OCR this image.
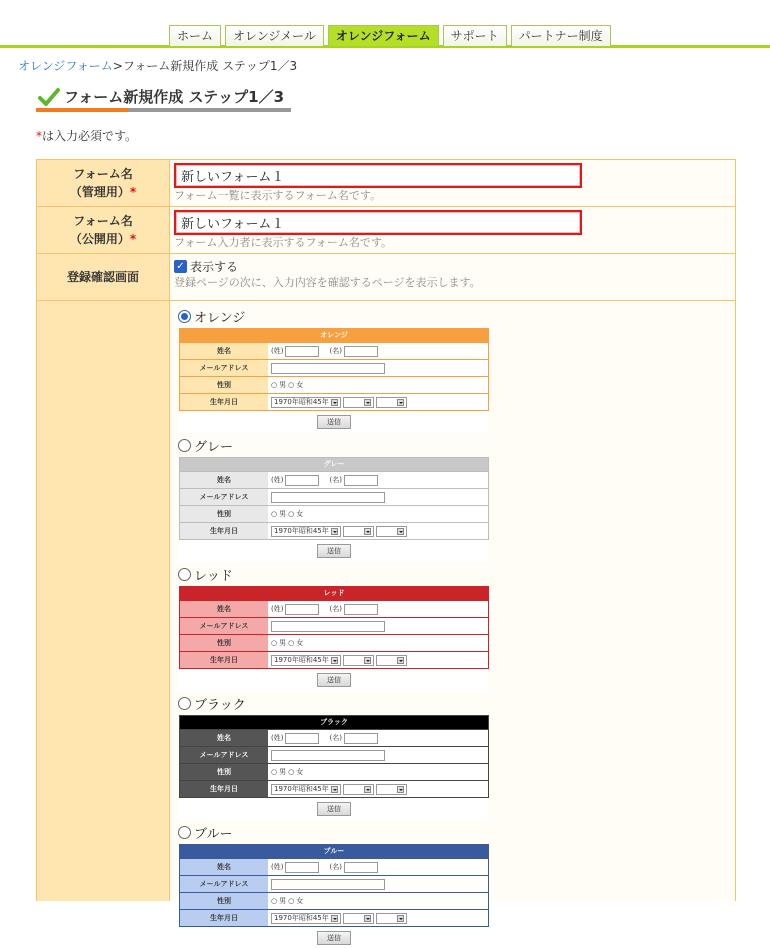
ホーム	オレンジメール	オレンジフォーム	サポート	パートナー制度
オレンジフォーム>フォーム新規作成 ステップ1／3
フォーム新規作成 ステップ1／3
*は入力必須です。
フォーム名
（管理用）*
新しいフォーム１	フォーム一覧に表示するフォーム名です。
フォーム名
（公開用）*
新しいフォーム１	フォーム入力者に表示するフォーム名です。
登録確認画面
✓ 表示する
登録ページの次に、入力内容を確認するページを表示します。
オレンジ
オレンジ
姓名	(姓)	(名)
メールアドレス
性別	○ 男 ○ 女
生年月日	1970年昭和45年
送信
グレー
グレー
姓名	(姓)	(名)
メールアドレス
性別	○ 男 ○ 女
生年月日	1970年昭和45年
送信
レッド
レッド
姓名	(姓)	(名)
メールアドレス
性別	○ 男 ○ 女
生年月日	1970年昭和45年
送信
ブラック
ブラック
姓名	(姓)	(名)
メールアドレス
性別	○ 男 ○ 女
生年月日	1970年昭和45年
送信
ブルー
ブルー
姓名	(姓)	(名)
メールアドレス
性別	○ 男 ○ 女
生年月日	1970年昭和45年
送信
